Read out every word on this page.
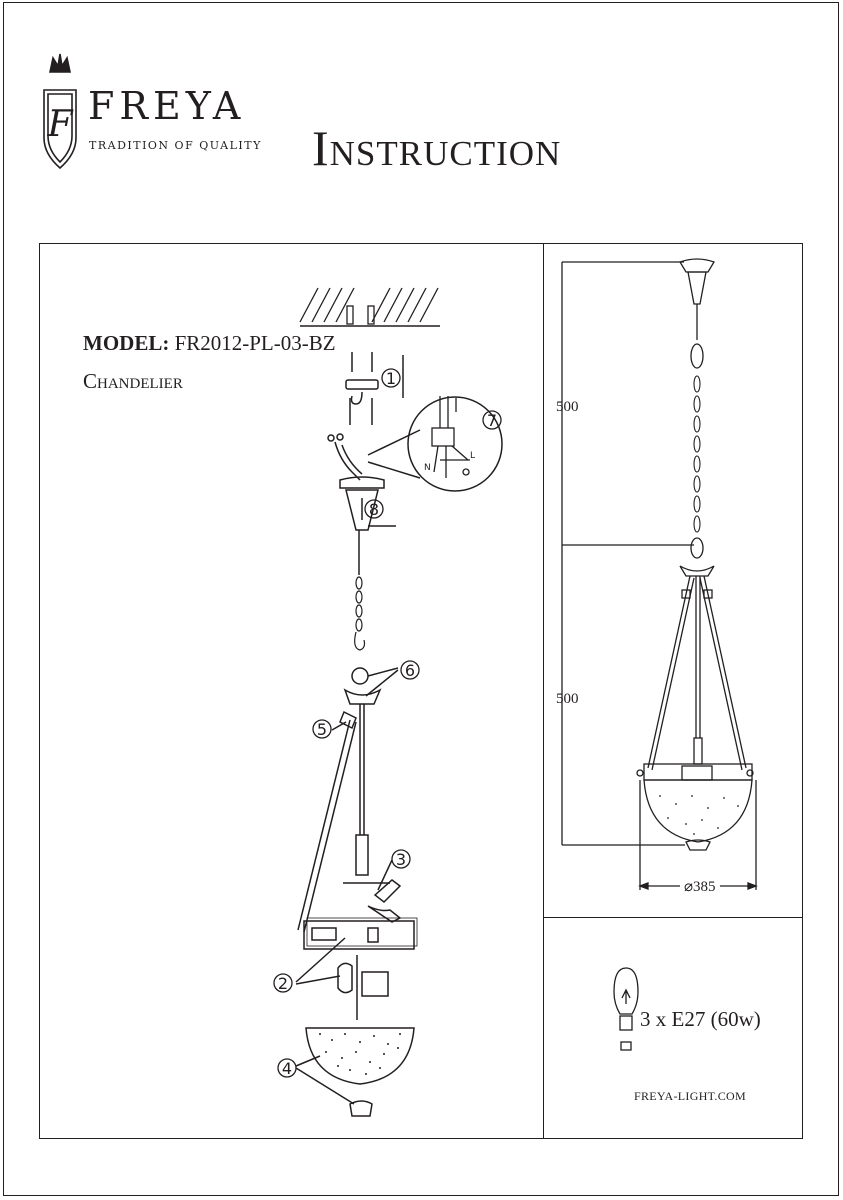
F FREYA
TRADITION OF QUALITY Instruction
MODEL: FR2012-PL-03-BZ
Chandelier	1
2
3
4
5
6
7
8
N
L
500
500
⌀385
3 x E27 (60w)
FREYA-LIGHT.COM
